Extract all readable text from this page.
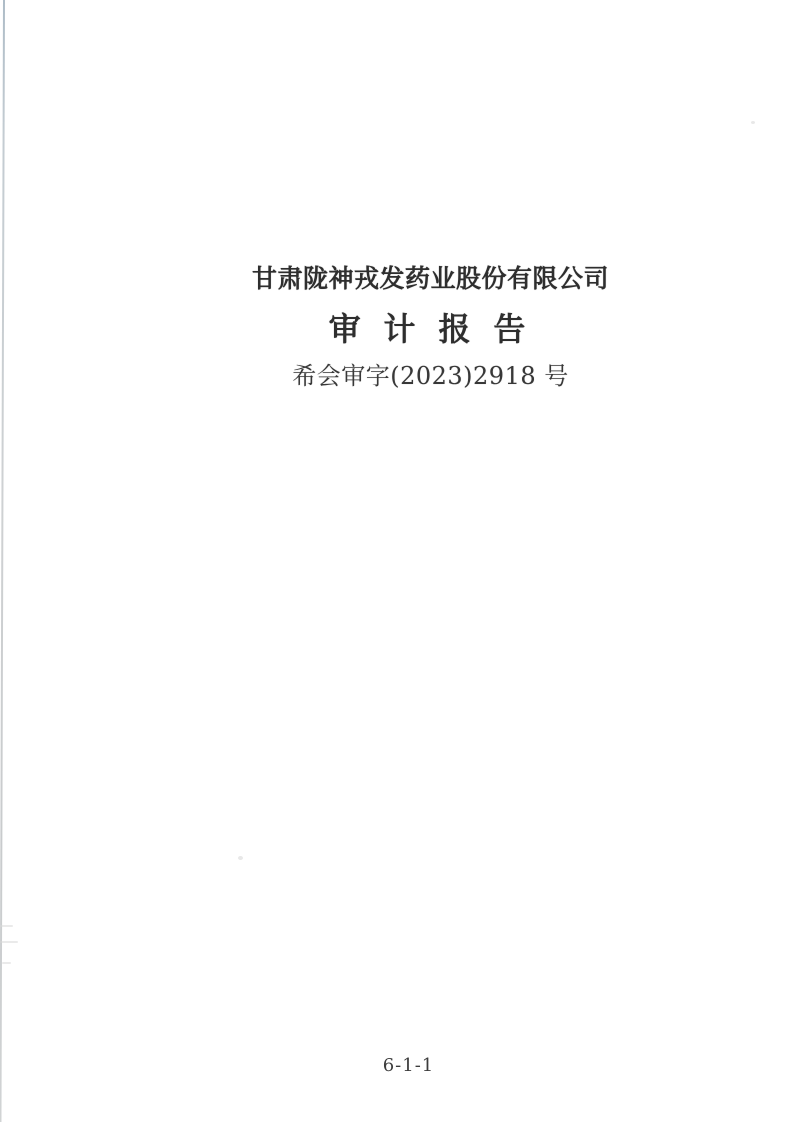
甘肃陇神戎发药业股份有限公司
审 计 报 告
希会审字(2023)2918 号
6-1-1
